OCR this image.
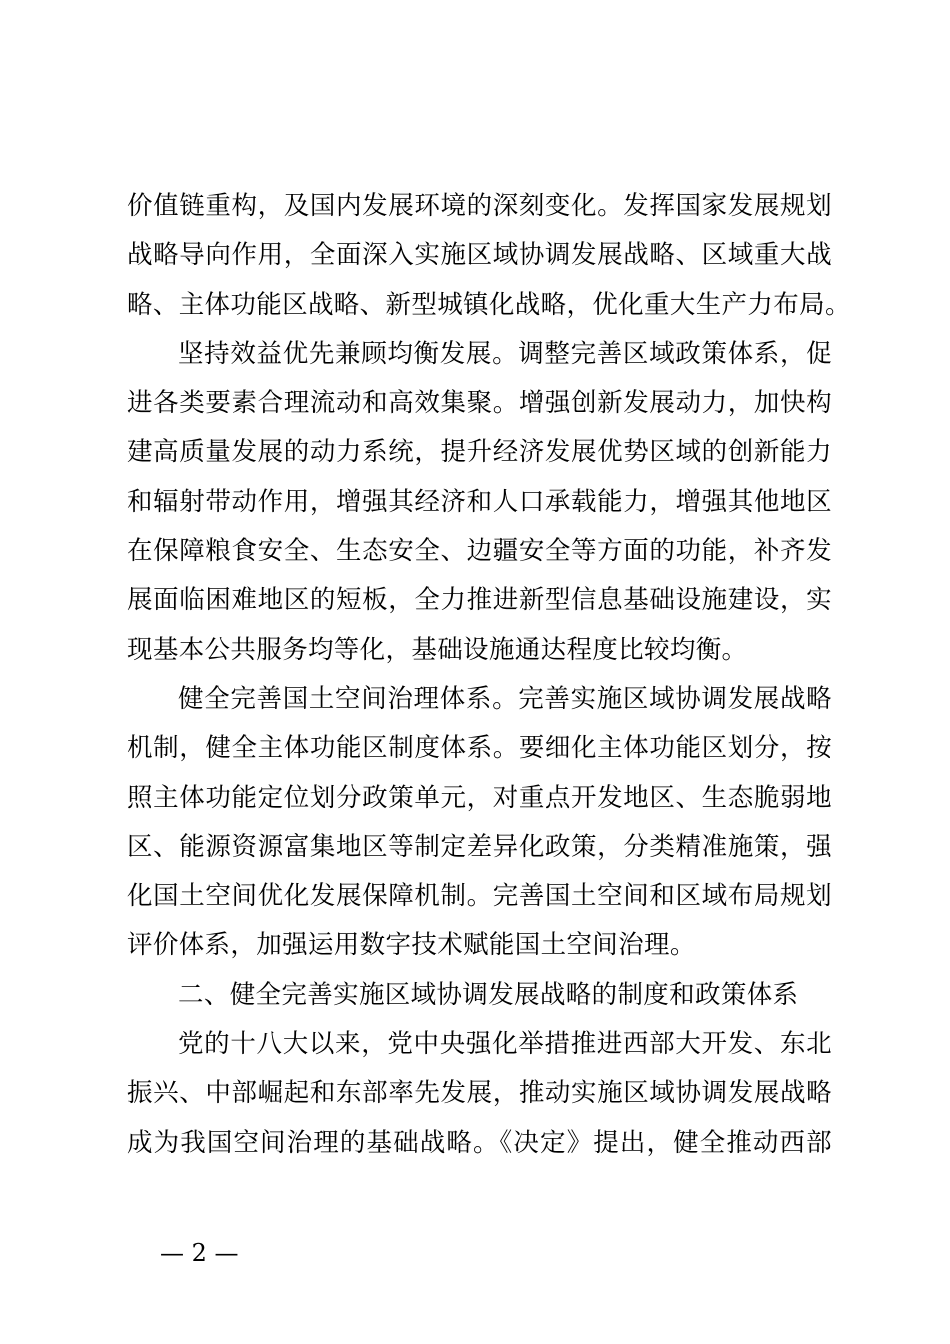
价值链重构，及国内发展环境的深刻变化。发挥国家发展规划
战略导向作用，全面深入实施区域协调发展战略、区域重大战
略、主体功能区战略、新型城镇化战略，优化重大生产力布局。
坚持效益优先兼顾均衡发展。调整完善区域政策体系，促
进各类要素合理流动和高效集聚。增强创新发展动力，加快构
建高质量发展的动力系统，提升经济发展优势区域的创新能力
和辐射带动作用，增强其经济和人口承载能力，增强其他地区
在保障粮食安全、生态安全、边疆安全等方面的功能，补齐发
展面临困难地区的短板，全力推进新型信息基础设施建设，实
现基本公共服务均等化，基础设施通达程度比较均衡。
健全完善国土空间治理体系。完善实施区域协调发展战略
机制，健全主体功能区制度体系。要细化主体功能区划分，按
照主体功能定位划分政策单元，对重点开发地区、生态脆弱地
区、能源资源富集地区等制定差异化政策，分类精准施策，强
化国土空间优化发展保障机制。完善国土空间和区域布局规划
评价体系，加强运用数字技术赋能国土空间治理。
二、健全完善实施区域协调发展战略的制度和政策体系
党的十八大以来，党中央强化举措推进西部大开发、东北
振兴、中部崛起和东部率先发展，推动实施区域协调发展战略
成为我国空间治理的基础战略。《决定》提出，健全推动西部
— 2 —
